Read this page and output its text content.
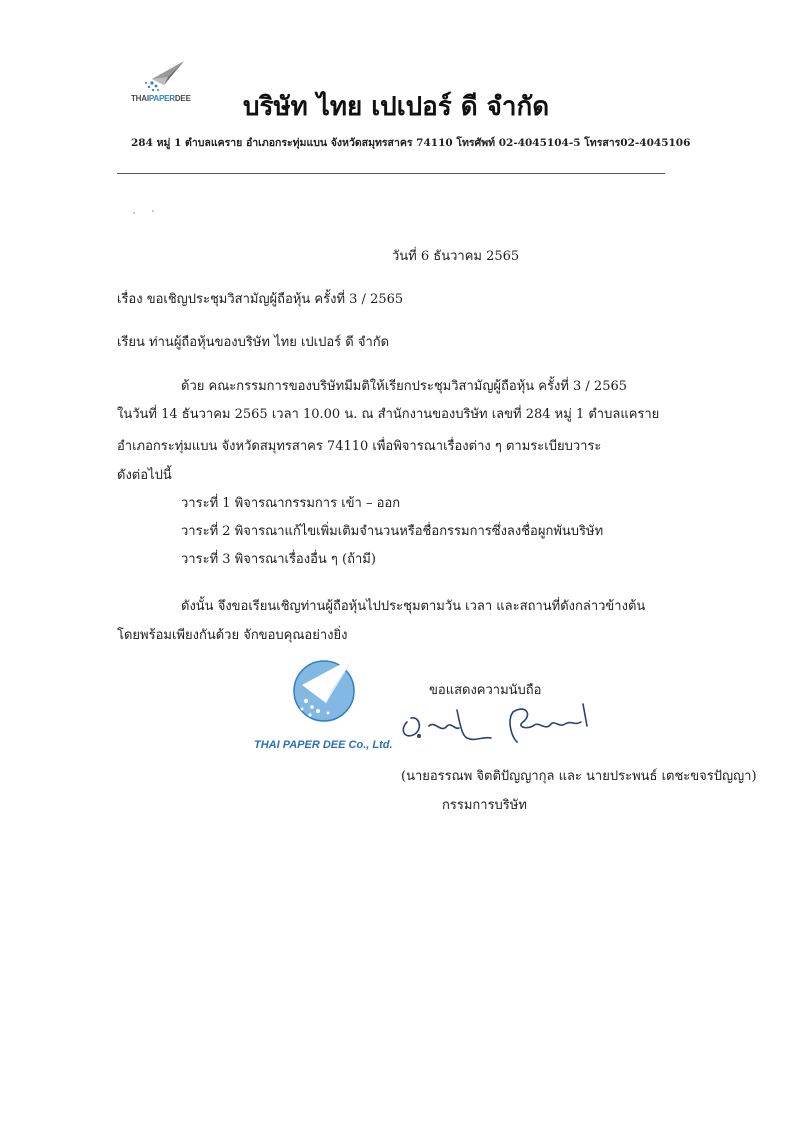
THAIPAPERDEE บริษัท ไทย เปเปอร์ ดี จำกัด
284 หมู่ 1 ตำบลแคราย อำเภอกระทุ่มแบน จังหวัดสมุทรสาคร 74110 โทรศัพท์ 02-4045104-5 โทรสาร02-4045106
วันที่ 6 ธันวาคม 2565
เรื่อง ขอเชิญประชุมวิสามัญผู้ถือหุ้น ครั้งที่ 3 / 2565
เรียน ท่านผู้ถือหุ้นของบริษัท ไทย เปเปอร์ ดี จำกัด
ด้วย คณะกรรมการของบริษัทมีมติให้เรียกประชุมวิสามัญผู้ถือหุ้น ครั้งที่ 3 / 2565
ในวันที่ 14 ธันวาคม 2565 เวลา 10.00 น. ณ สำนักงานของบริษัท เลขที่ 284 หมู่ 1 ตำบลแคราย
อำเภอกระทุ่มแบน จังหวัดสมุทรสาคร 74110 เพื่อพิจารณาเรื่องต่าง ๆ ตามระเบียบวาระ
ดังต่อไปนี้
วาระที่ 1 พิจารณากรรมการ เข้า – ออก
วาระที่ 2 พิจารณาแก้ไขเพิ่มเติมจำนวนหรือชื่อกรรมการซึ่งลงชื่อผูกพันบริษัท
วาระที่ 3 พิจารณาเรื่องอื่น ๆ (ถ้ามี)
ดังนั้น จึงขอเรียนเชิญท่านผู้ถือหุ้นไปประชุมตามวัน เวลา และสถานที่ดังกล่าวข้างต้น
โดยพร้อมเพียงกันด้วย จักขอบคุณอย่างยิ่ง
ขอแสดงความนับถือ
THAI PAPER DEE Co., Ltd.
(นายอรรณพ จิตติปัญญากุล และ นายประพนธ์ เตชะขจรปัญญา)
กรรมการบริษัท
